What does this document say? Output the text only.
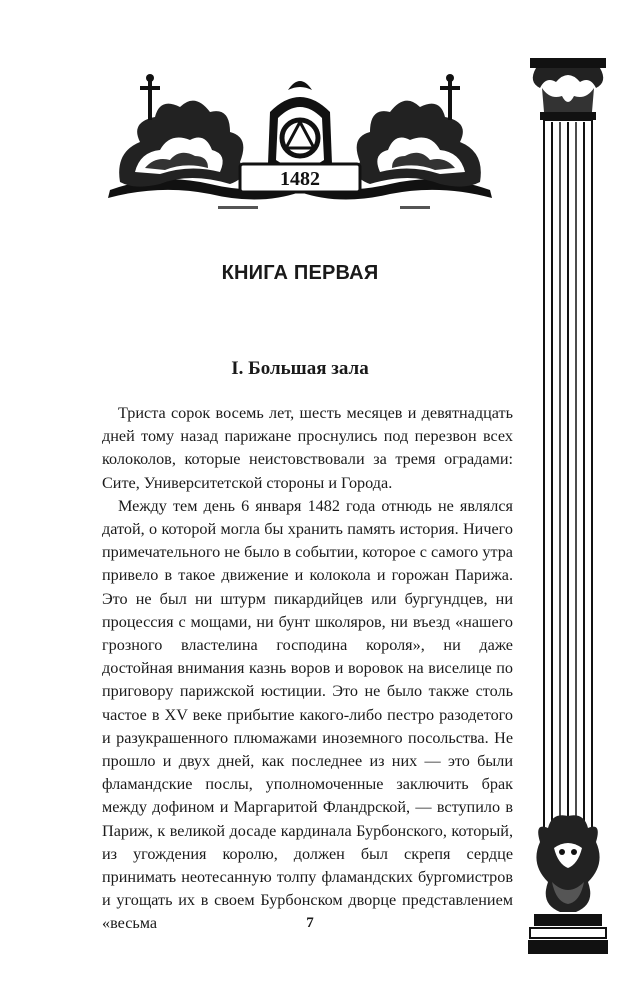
1482
КНИГА ПЕРВАЯ
I. Большая зала

Триста сорок восемь лет, шесть месяцев и девятнадцать дней тому назад парижане проснулись под перезвон всех колоколов, которые неистовствовали за тремя оградами: Сите, Университетской стороны и Города.

Между тем день 6 января 1482 года отнюдь не являлся датой, о которой могла бы хранить память история. Ничего примечательного не было в событии, которое с самого утра привело в такое движение и колокола и горожан Парижа. Это не был ни штурм пикардийцев или бургундцев, ни процессия с мощами, ни бунт школяров, ни въезд «нашего грозного властелина господина короля», ни даже достойная внимания казнь воров и воровок на виселице по приговору парижской юстиции. Это не было также столь частое в XV веке прибытие какого-либо пестро разодетого и разукрашенного плюмажами иноземного посольства. Не прошло и двух дней, как последнее из них — это были фламандские послы, уполномоченные заключить брак между дофином и Маргаритой Фландрской, — вступило в Париж, к великой досаде кардинала Бурбонского, который, из угождения королю, должен был скрепя сердце принимать неотесанную толпу фламандских бургомистров и угощать их в своем Бурбонском дворце представлением «весьма	7
